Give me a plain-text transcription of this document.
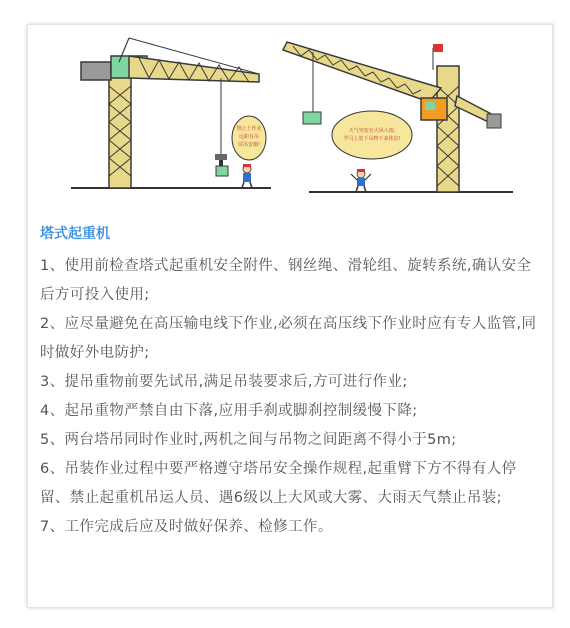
禁止上作业
远距有吊
试吊安徽!
天气突变有大风大雨,
学马上放下吊物下来休息!
塔式起重机
1、使用前检查塔式起重机安全附件、钢丝绳、滑轮组、旋转系统,确认安全后方可投入使用;
2、应尽量避免在高压输电线下作业,必须在高压线下作业时应有专人监管,同时做好外电防护;
3、提吊重物前要先试吊,满足吊装要求后,方可进行作业;
4、起吊重物严禁自由下落,应用手刹或脚刹控制缓慢下降;
5、两台塔吊同时作业时,两机之间与吊物之间距离不得小于5m;
6、吊装作业过程中要严格遵守塔吊安全操作规程,起重臂下方不得有人停留、禁止起重机吊运人员、遇6级以上大风或大雾、大雨天气禁止吊装;
7、工作完成后应及时做好保养、检修工作。
